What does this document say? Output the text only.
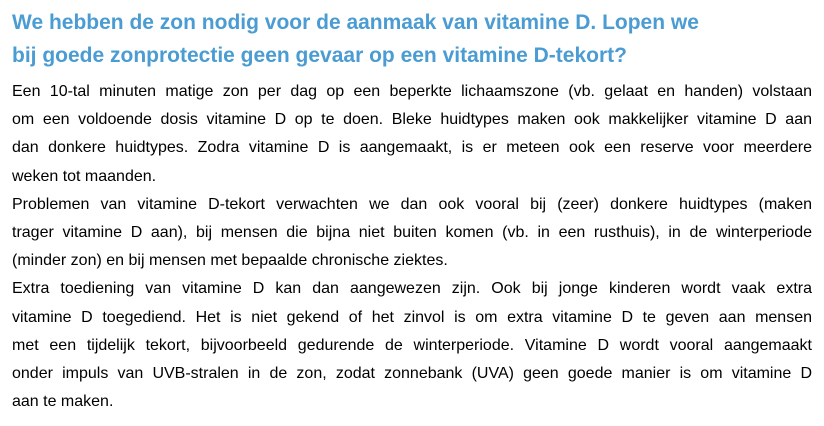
We hebben de zon nodig voor de aanmaak van vitamine D. Lopen we
bij goede zonprotectie geen gevaar op een vitamine D-tekort?
Een 10-tal minuten matige zon per dag op een beperkte lichaamszone (vb. gelaat en handen) volstaan
om een voldoende dosis vitamine D op te doen. Bleke huidtypes maken ook makkelijker vitamine D aan
dan donkere huidtypes. Zodra vitamine D is aangemaakt, is er meteen ook een reserve voor meerdere
weken tot maanden.
Problemen van vitamine D-tekort verwachten we dan ook vooral bij (zeer) donkere huidtypes (maken
trager vitamine D aan), bij mensen die bijna niet buiten komen (vb. in een rusthuis), in de winterperiode
(minder zon) en bij mensen met bepaalde chronische ziektes.
Extra toediening van vitamine D kan dan aangewezen zijn. Ook bij jonge kinderen wordt vaak extra
vitamine D toegediend. Het is niet gekend of het zinvol is om extra vitamine D te geven aan mensen
met een tijdelijk tekort, bijvoorbeeld gedurende de winterperiode. Vitamine D wordt vooral aangemaakt
onder impuls van UVB-stralen in de zon, zodat zonnebank (UVA) geen goede manier is om vitamine D
aan te maken.
